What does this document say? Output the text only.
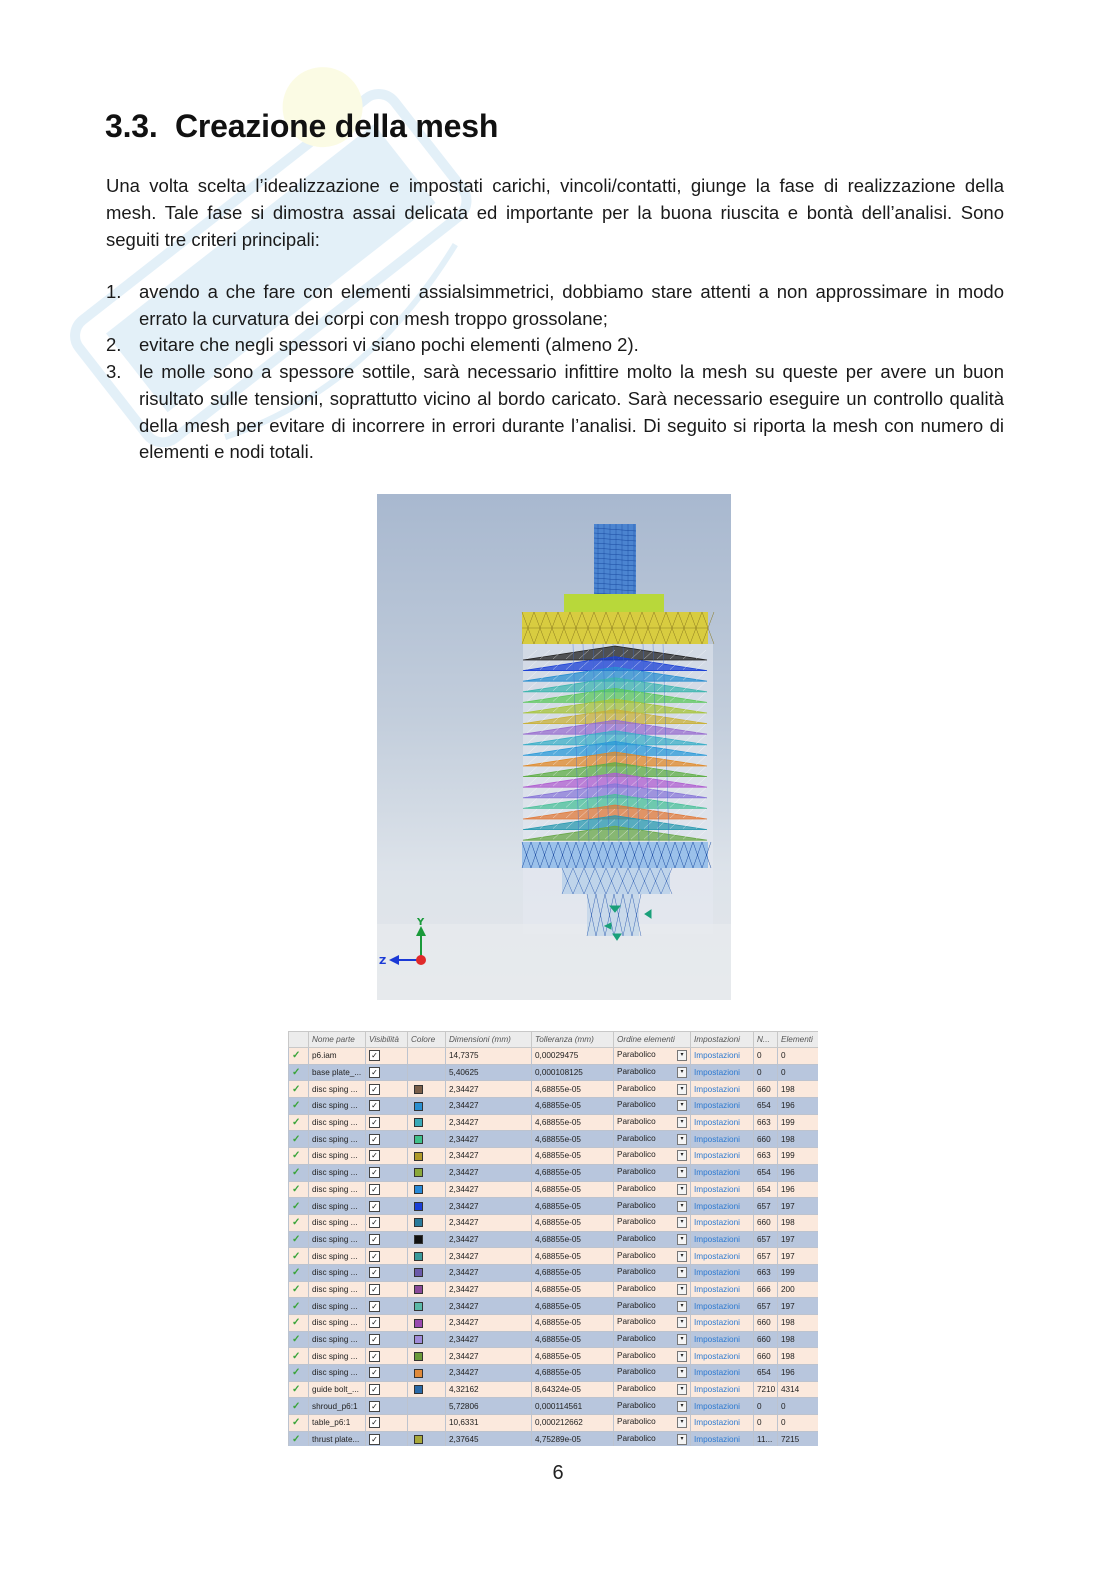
3.3. Creazione della mesh

Una volta scelta l’idealizzazione e impostati carichi, vincoli/contatti, giunge la fase di realizzazione della mesh. Tale fase si dimostra assai delicata ed importante per la buona riuscita e bontà dell’analisi. Sono seguiti tre criteri principali:

1. avendo a che fare con elementi assialsimmetrici, dobbiamo stare attenti a non approssimare in modo errato la curvatura dei corpi con mesh troppo grossolane;
2. evitare che negli spessori vi siano pochi elementi (almeno 2).
3. le molle sono a spessore sottile, sarà necessario infittire molto la mesh su queste per avere un buon risultato sulle tensioni, soprattutto vicino al bordo caricato. Sarà necessario eseguire un controllo qualità della mesh per evitare di incorrere in errori durante l’analisi. Di seguito si riporta la mesh con numero di elementi e nodi totali.
Y
Z
	Nome parte	Visibilità	Colore	Dimensioni (mm)	Tolleranza (mm)	Ordine elementi	Impostazioni	N...	Elementi
✓	p6.iam	✓		14,7375	0,00029475	Parabolico ▾	Impostazioni	0	0
✓	base plate_...	✓		5,40625	0,000108125	Parabolico ▾	Impostazioni	0	0
✓	disc sping ...	✓		2,34427	4,68855e-05	Parabolico ▾	Impostazioni	660	198
✓	disc sping ...	✓		2,34427	4,68855e-05	Parabolico ▾	Impostazioni	654	196
✓	disc sping ...	✓		2,34427	4,68855e-05	Parabolico ▾	Impostazioni	663	199
✓	disc sping ...	✓		2,34427	4,68855e-05	Parabolico ▾	Impostazioni	660	198
✓	disc sping ...	✓		2,34427	4,68855e-05	Parabolico ▾	Impostazioni	663	199
✓	disc sping ...	✓		2,34427	4,68855e-05	Parabolico ▾	Impostazioni	654	196
✓	disc sping ...	✓		2,34427	4,68855e-05	Parabolico ▾	Impostazioni	654	196
✓	disc sping ...	✓		2,34427	4,68855e-05	Parabolico ▾	Impostazioni	657	197
✓	disc sping ...	✓		2,34427	4,68855e-05	Parabolico ▾	Impostazioni	660	198
✓	disc sping ...	✓		2,34427	4,68855e-05	Parabolico ▾	Impostazioni	657	197
✓	disc sping ...	✓		2,34427	4,68855e-05	Parabolico ▾	Impostazioni	657	197
✓	disc sping ...	✓		2,34427	4,68855e-05	Parabolico ▾	Impostazioni	663	199
✓	disc sping ...	✓		2,34427	4,68855e-05	Parabolico ▾	Impostazioni	666	200
✓	disc sping ...	✓		2,34427	4,68855e-05	Parabolico ▾	Impostazioni	657	197
✓	disc sping ...	✓		2,34427	4,68855e-05	Parabolico ▾	Impostazioni	660	198
✓	disc sping ...	✓		2,34427	4,68855e-05	Parabolico ▾	Impostazioni	660	198
✓	disc sping ...	✓		2,34427	4,68855e-05	Parabolico ▾	Impostazioni	660	198
✓	disc sping ...	✓		2,34427	4,68855e-05	Parabolico ▾	Impostazioni	654	196
✓	guide bolt_...	✓		4,32162	8,64324e-05	Parabolico ▾	Impostazioni	7210	4314
✓	shroud_p6:1	✓		5,72806	0,000114561	Parabolico ▾	Impostazioni	0	0
✓	table_p6:1	✓		10,6331	0,000212662	Parabolico ▾	Impostazioni	0	0
✓	thrust plate...	✓		2,37645	4,75289e-05	Parabolico ▾	Impostazioni	11...	7215
6
